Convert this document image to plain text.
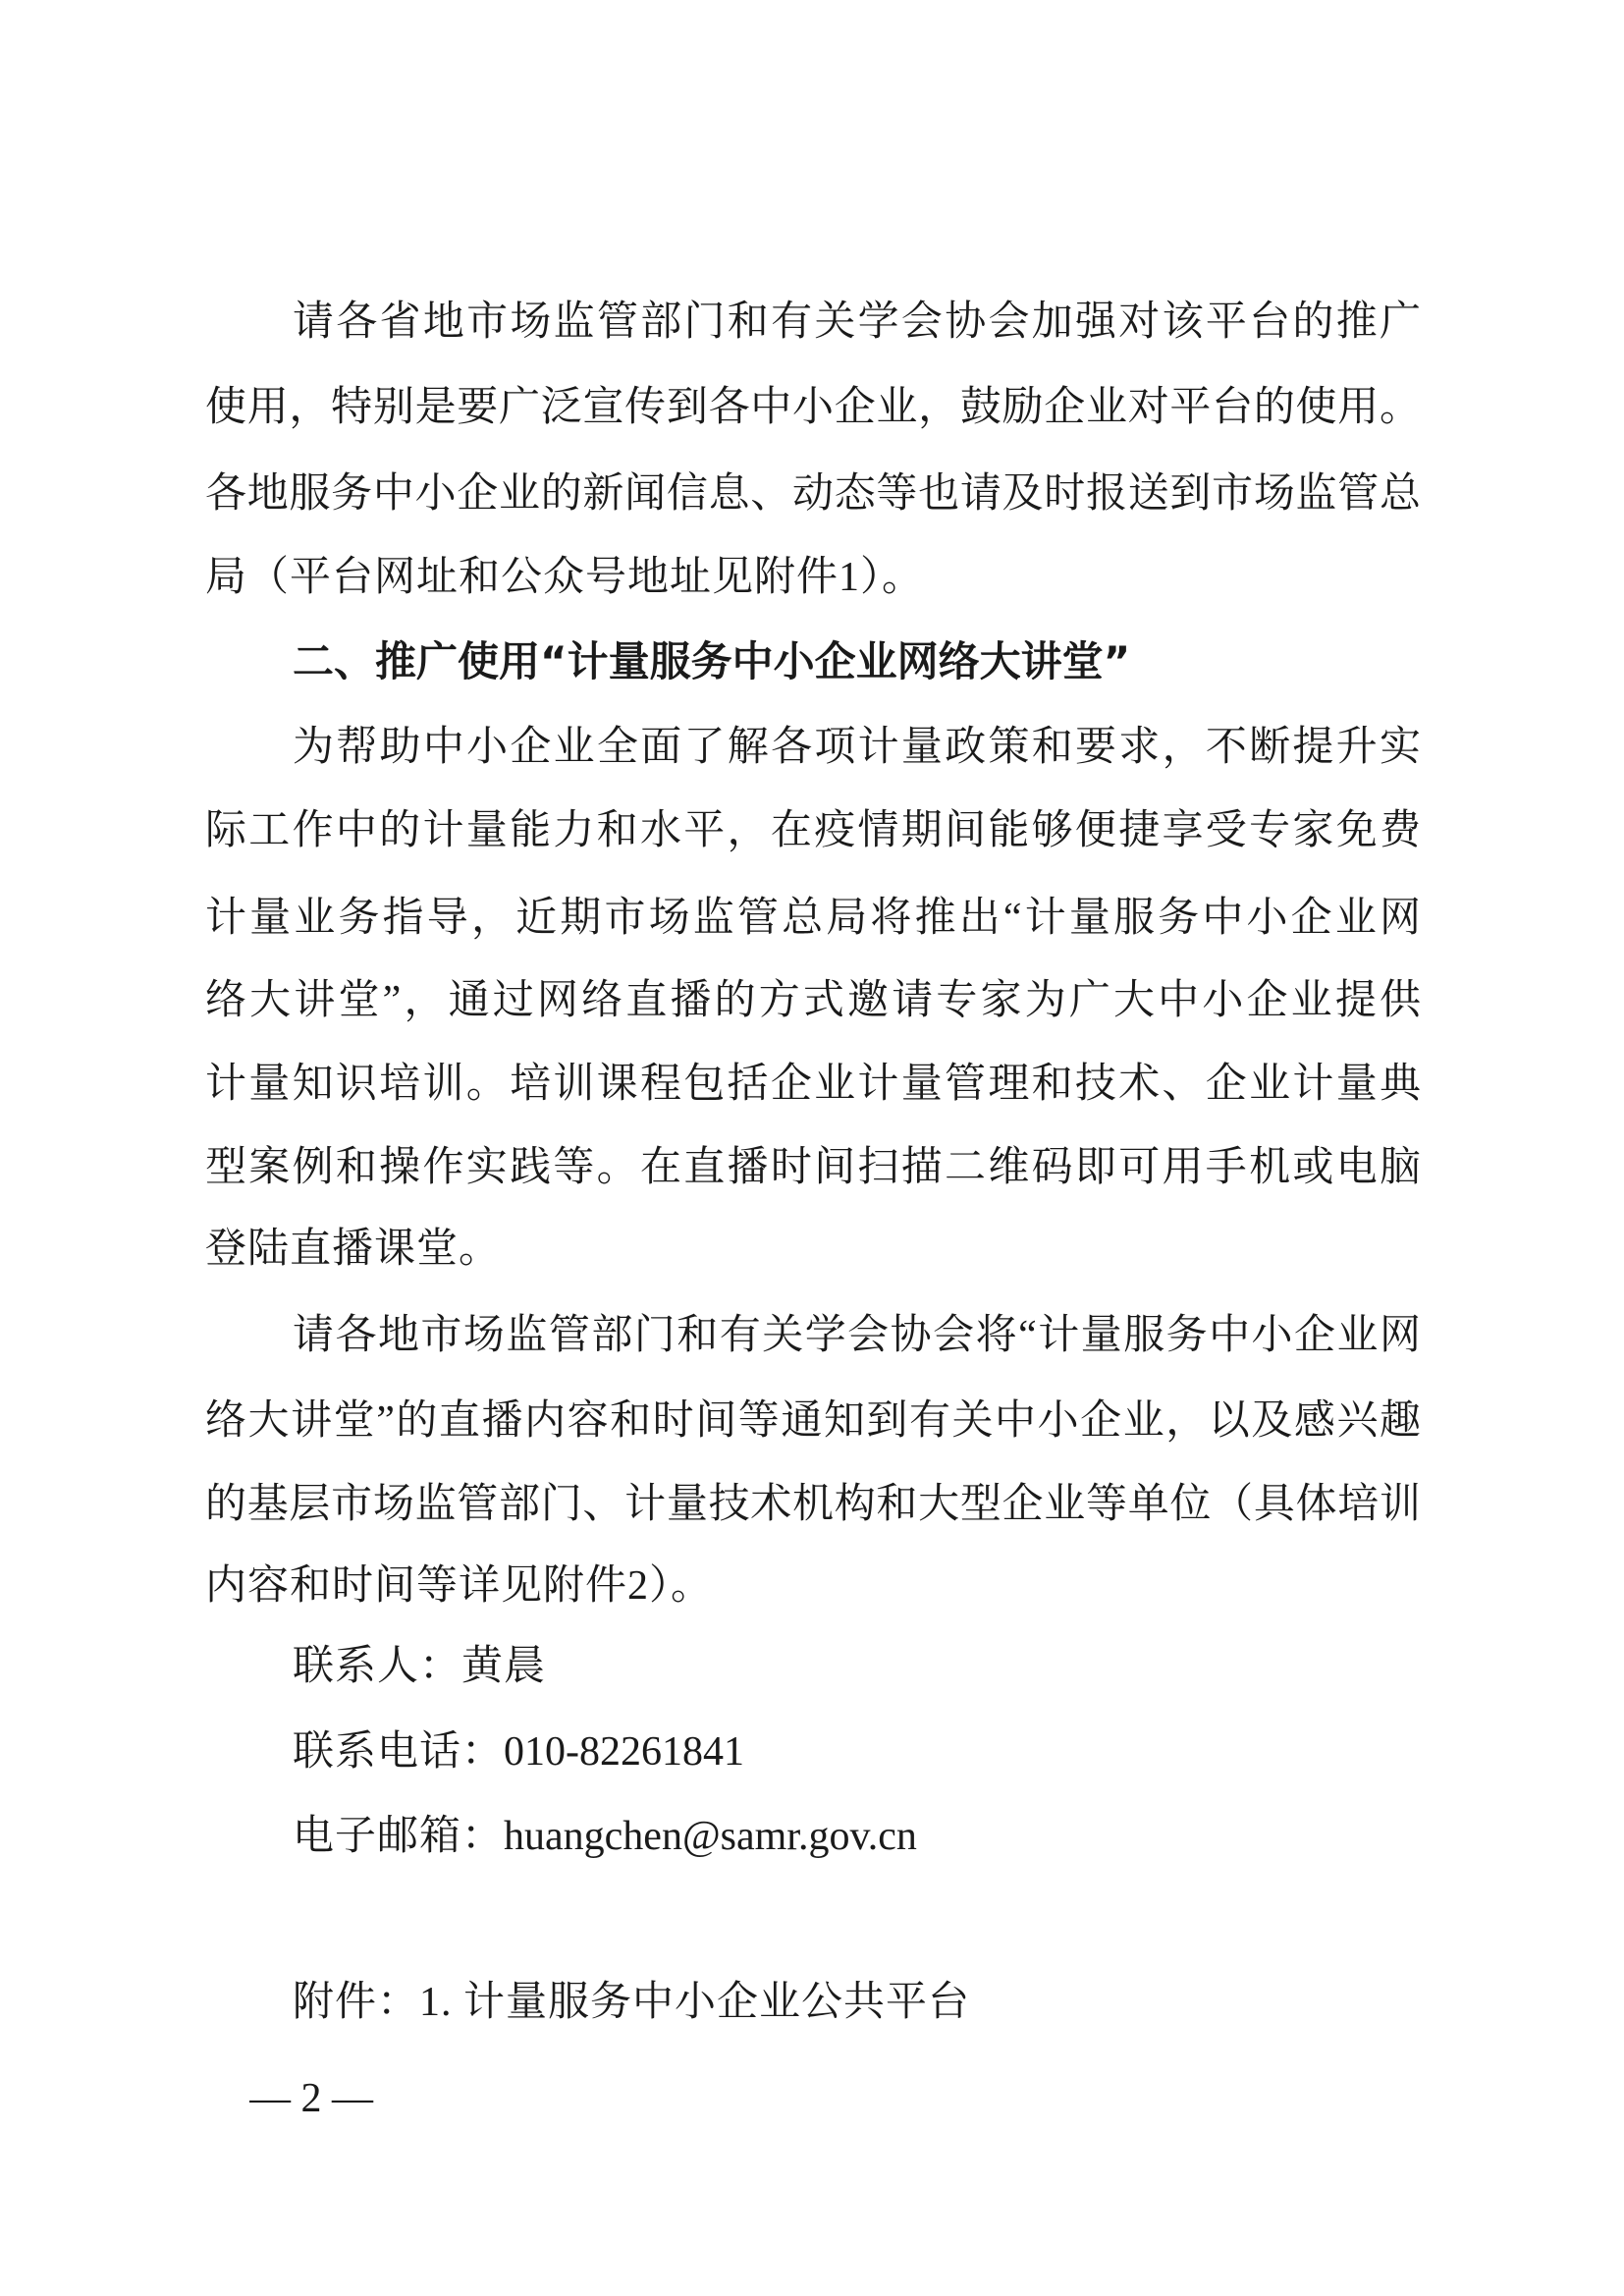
请各省地市场监管部门和有关学会协会加强对该平台的推广
使用，特别是要广泛宣传到各中小企业，鼓励企业对平台的使用。
各地服务中小企业的新闻信息、动态等也请及时报送到市场监管总
局（平台网址和公众号地址见附件1）。
二、推广使用“计量服务中小企业网络大讲堂”
为帮助中小企业全面了解各项计量政策和要求，不断提升实
际工作中的计量能力和水平，在疫情期间能够便捷享受专家免费
计量业务指导，近期市场监管总局将推出“计量服务中小企业网
络大讲堂”，通过网络直播的方式邀请专家为广大中小企业提供
计量知识培训。培训课程包括企业计量管理和技术、企业计量典
型案例和操作实践等。在直播时间扫描二维码即可用手机或电脑
登陆直播课堂。
请各地市场监管部门和有关学会协会将“计量服务中小企业网
络大讲堂”的直播内容和时间等通知到有关中小企业，以及感兴趣
的基层市场监管部门、计量技术机构和大型企业等单位（具体培训
内容和时间等详见附件2）。
联系人：黄晨
联系电话：010-82261841
电子邮箱：huangchen@samr.gov.cn
附件：1. 计量服务中小企业公共平台
— 2 —
